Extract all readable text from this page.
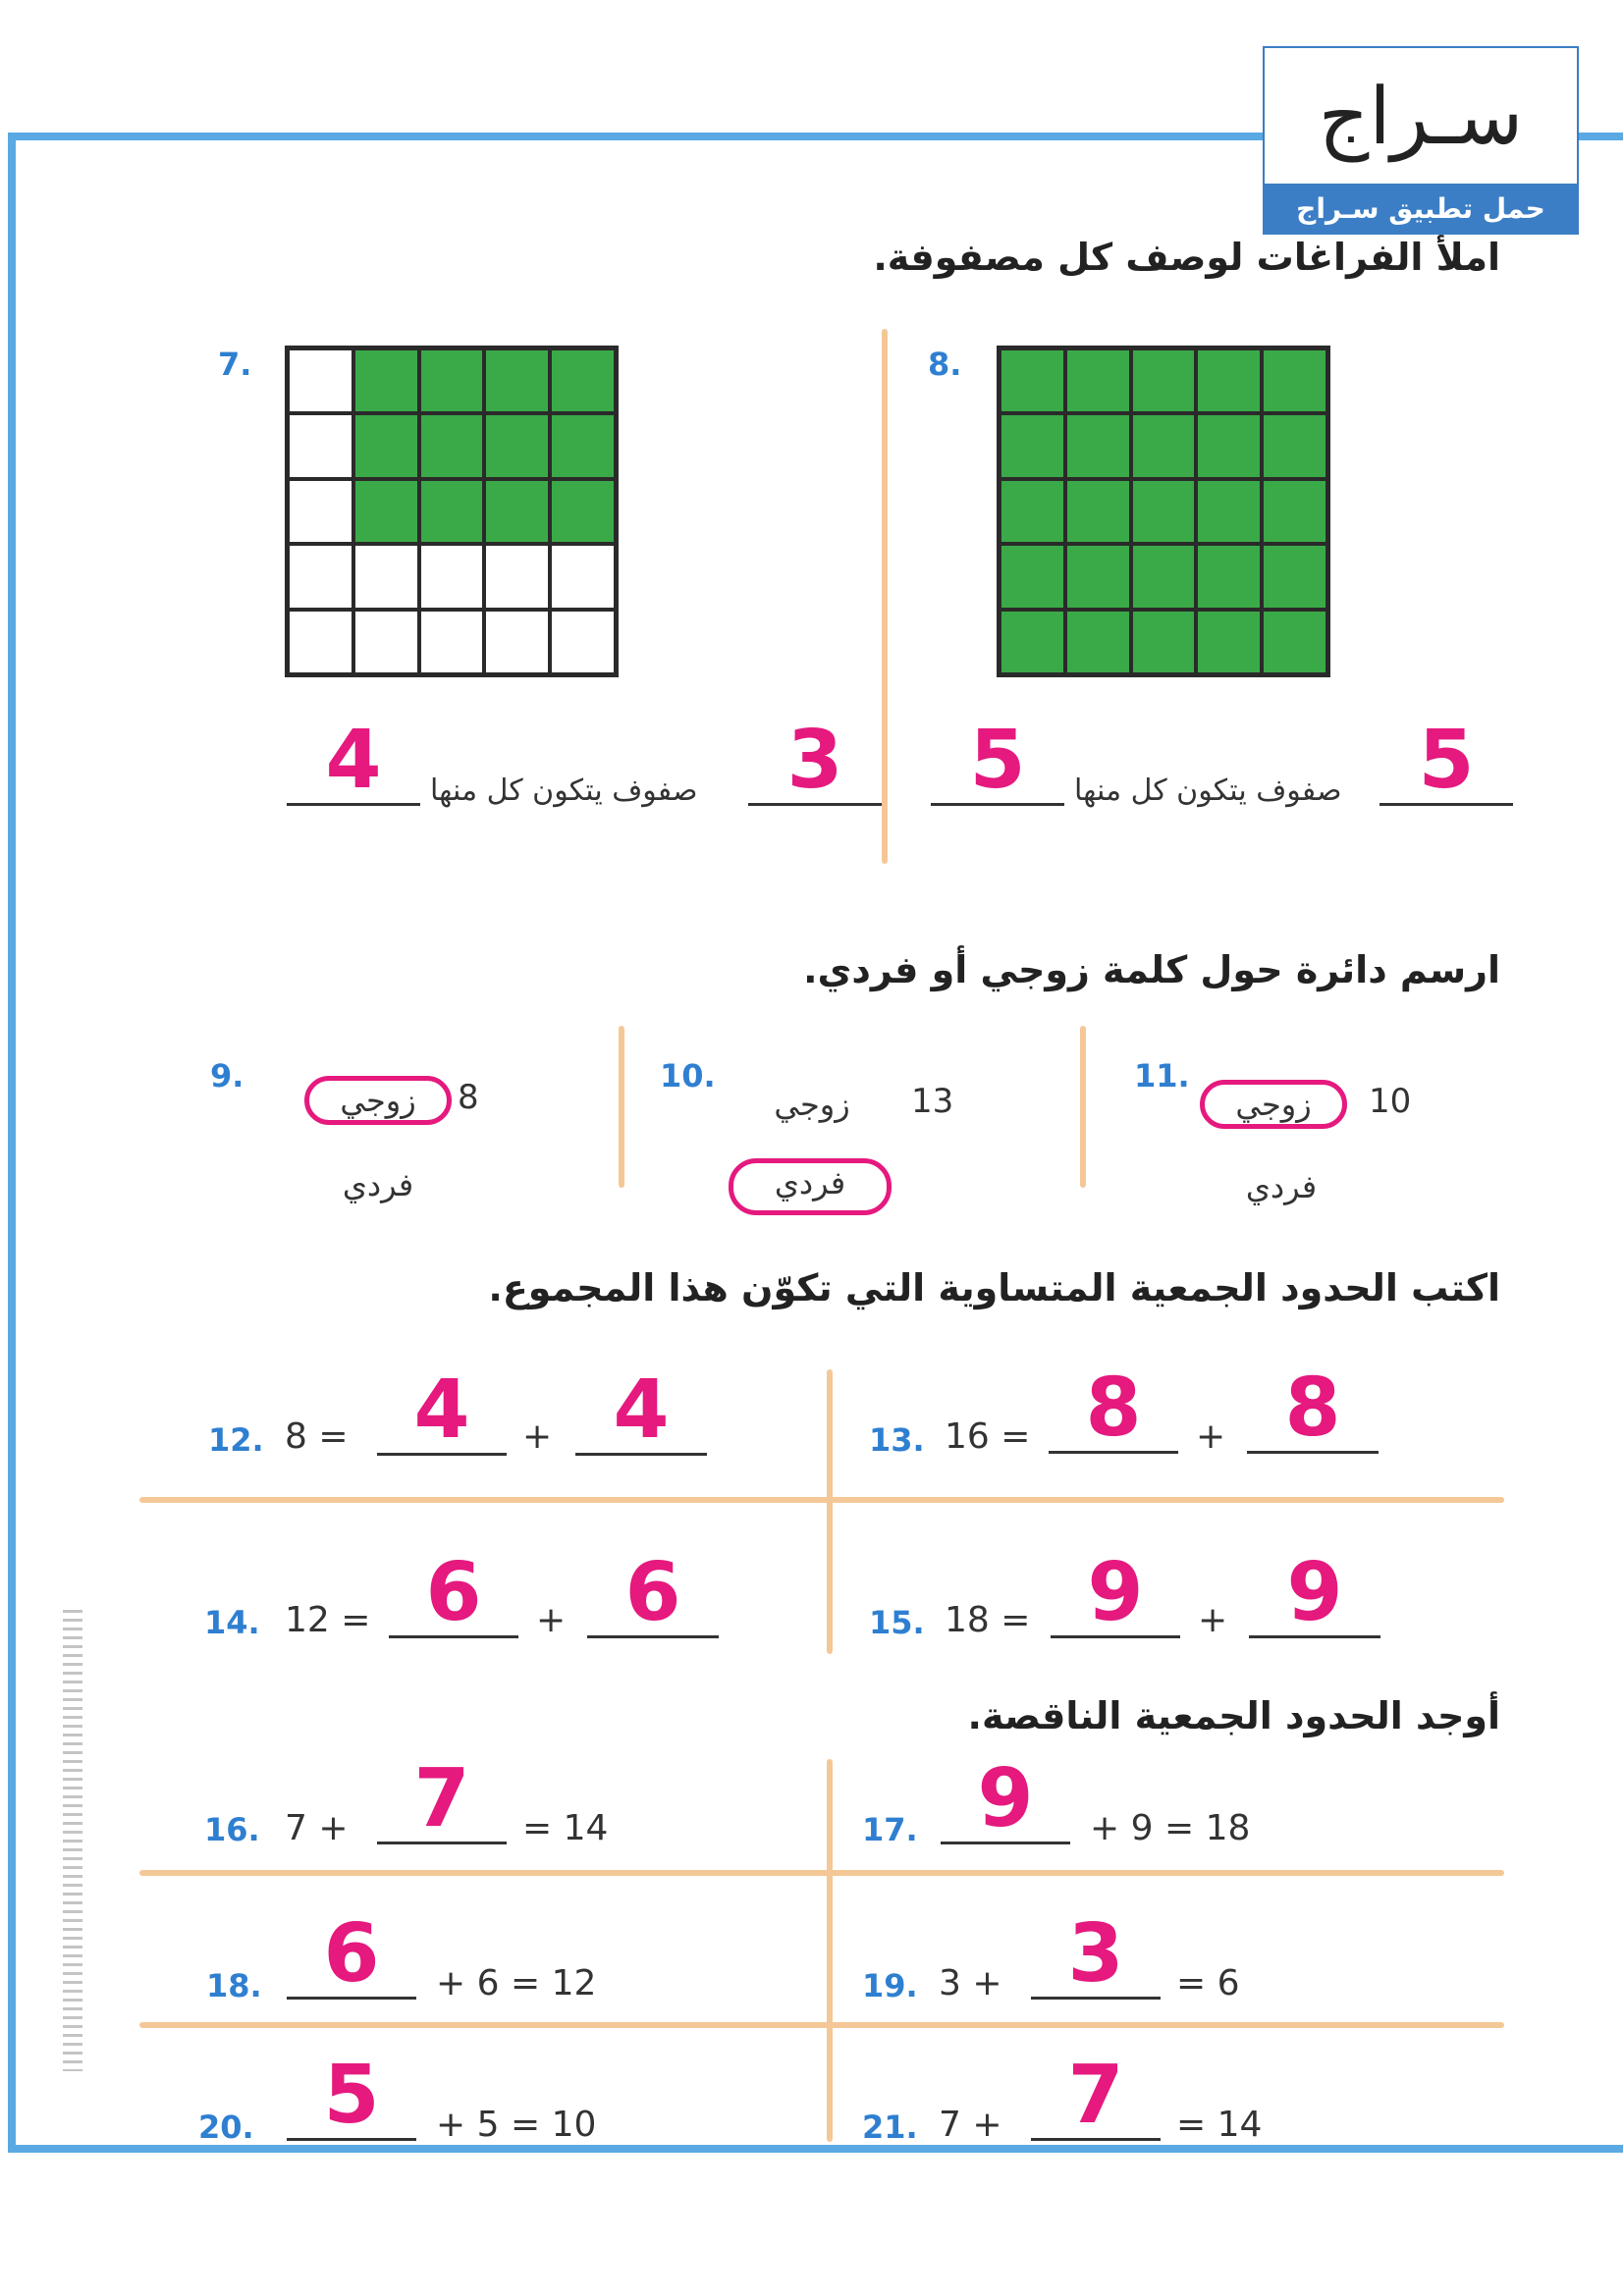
سـراج
حمل تطبيق سـراج
املأ الفراغات لوصف كل مصفوفة.
7.	8.
4	صفوف يتكون كل منها	3	5	صفوف يتكون كل منها 5
ارسم دائرة حول كلمة زوجي أو فردي.
9.
زوجي	8
فردي
10.
زوجي	13
فردي
11.
زوجي	10
فردي
اكتب الحدود الجمعية المتساوية التي تكوّن هذا المجموع.
12. 8 = 4	+ 4	13. 16 = 8	+ 8
14. 12 = 6	+ 6	15. 18 = 9	+ 9
أوجد الحدود الجمعية الناقصة.
16. 7 + 7	= 14	17. 9	+ 9 = 18
18. 6	+ 6 = 12	19. 3 + 3	= 6
20. 5	+ 5 = 10	21. 7 + 7	= 14
